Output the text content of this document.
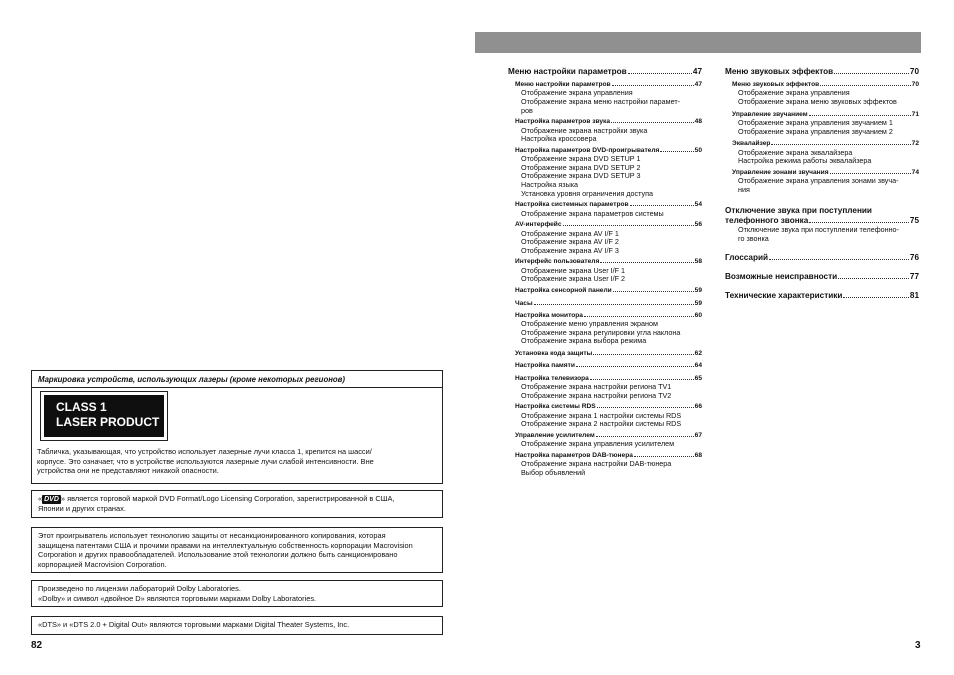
Маркировка устройств, использующих лазеры (кроме некоторых регионов)
CLASS 1
LASER PRODUCT
Табличка, указывающая, что устройство использует лазерные лучи класса 1, крепится на шасси/
корпусе. Это означает, что в устройстве используются лазерные лучи слабой интенсивности. Вне
устройства они не представляют никакой опасности.
« DVD » является торговой маркой DVD Format/Logo Licensing Corporation, зарегистрированной в США,
Японии и других странах.
Этот проигрыватель использует технологию защиты от несанкционированного копирования, которая
защищена патентами США и прочими правами на интеллектуальную собственность корпорации Macrovision
Corporation и других правообладателей. Использование этой технологии должно быть санкционировано
корпорацией Macrovision Corporation.
Произведено по лицензии лабораторий Dolby Laboratories.
«Dolby» и символ «двойное D» являются торговыми марками Dolby Laboratories.
«DTS» и «DTS 2.0 + Digital Out» являются торговыми марками Digital Theater Systems, Inc.
82
Меню настройки параметров	47
Меню настройки параметров	47
Отображение экрана управления
Отображение экрана меню настройки парамет-
ров
Настройка параметров звука	48
Отображение экрана настройки звука
Настройка кроссовера
Настройка параметров DVD-проигрывателя	50
Отображение экрана DVD SETUP 1
Отображение экрана DVD SETUP 2
Отображение экрана DVD SETUP 3
Настройка языка
Установка уровня ограничения доступа
Настройка системных параметров	54
Отображение экрана параметров системы
AV-интерфейс	56
Отображение экрана AV I/F 1
Отображение экрана AV I/F 2
Отображение экрана AV I/F 3
Интерфейс пользователя	58
Отображение экрана User I/F 1
Отображение экрана User I/F 2
Настройка сенсорной панели	59
Часы	59
Настройка монитора	60
Отображение меню управления экраном
Отображение экрана регулировки угла наклона
Отображение экрана выбора режима
Установка кода защиты	62
Настройка памяти	64
Настройка телевизора	65
Отображение экрана настройки региона TV1
Отображение экрана настройки региона TV2
Настройка системы RDS	66
Отображение экрана 1 настройки системы RDS
Отображение экрана 2 настройки системы RDS
Управление усилителем	67
Отображение экрана управления усилителем
Настройка параметров DAB-тюнера	68
Отображение экрана настройки DAB-тюнера
Выбор объявлений
Меню звуковых эффектов	70
Меню звуковых эффектов	70
Отображение экрана управления
Отображение экрана меню звуковых эффектов
Управление звучанием	71
Отображение экрана управления звучанием 1
Отображение экрана управления звучанием 2
Эквалайзер	72
Отображение экрана эквалайзера
Настройка режима работы эквалайзера
Управление зонами звучания	74
Отображение экрана управления зонами звуча-
ния
Отключение звука при поступлении
телефонного звонка	75
Отключение звука при поступлении телефонно-
го звонка
Глоссарий	76
Возможные неисправности	77
Технические характеристики	81
3
